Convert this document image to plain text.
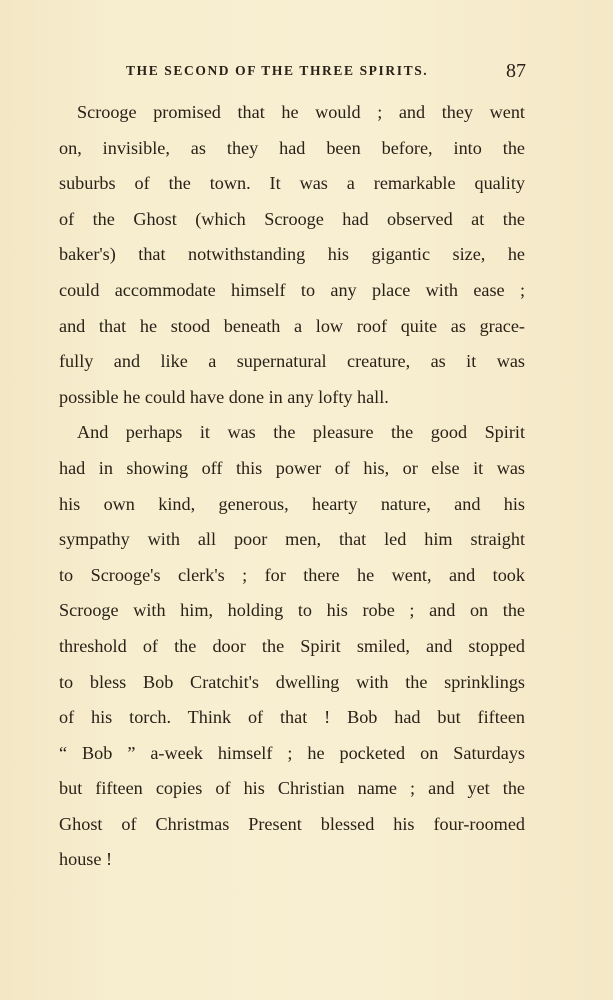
THE SECOND OF THE THREE SPIRITS.	87
Scrooge promised that he would ; and they went
on, invisible, as they had been before, into the
suburbs of the town. It was a remarkable quality
of the Ghost (which Scrooge had observed at the
baker's) that notwithstanding his gigantic size, he
could accommodate himself to any place with ease ;
and that he stood beneath a low roof quite as grace-
fully and like a supernatural creature, as it was
possible he could have done in any lofty hall.
And perhaps it was the pleasure the good Spirit
had in showing off this power of his, or else it was
his own kind, generous, hearty nature, and his
sympathy with all poor men, that led him straight
to Scrooge's clerk's ; for there he went, and took
Scrooge with him, holding to his robe ; and on the
threshold of the door the Spirit smiled, and stopped
to bless Bob Cratchit's dwelling with the sprinklings
of his torch. Think of that ! Bob had but fifteen
“ Bob ” a-week himself ; he pocketed on Saturdays
but fifteen copies of his Christian name ; and yet the
Ghost of Christmas Present blessed his four-roomed
house !
